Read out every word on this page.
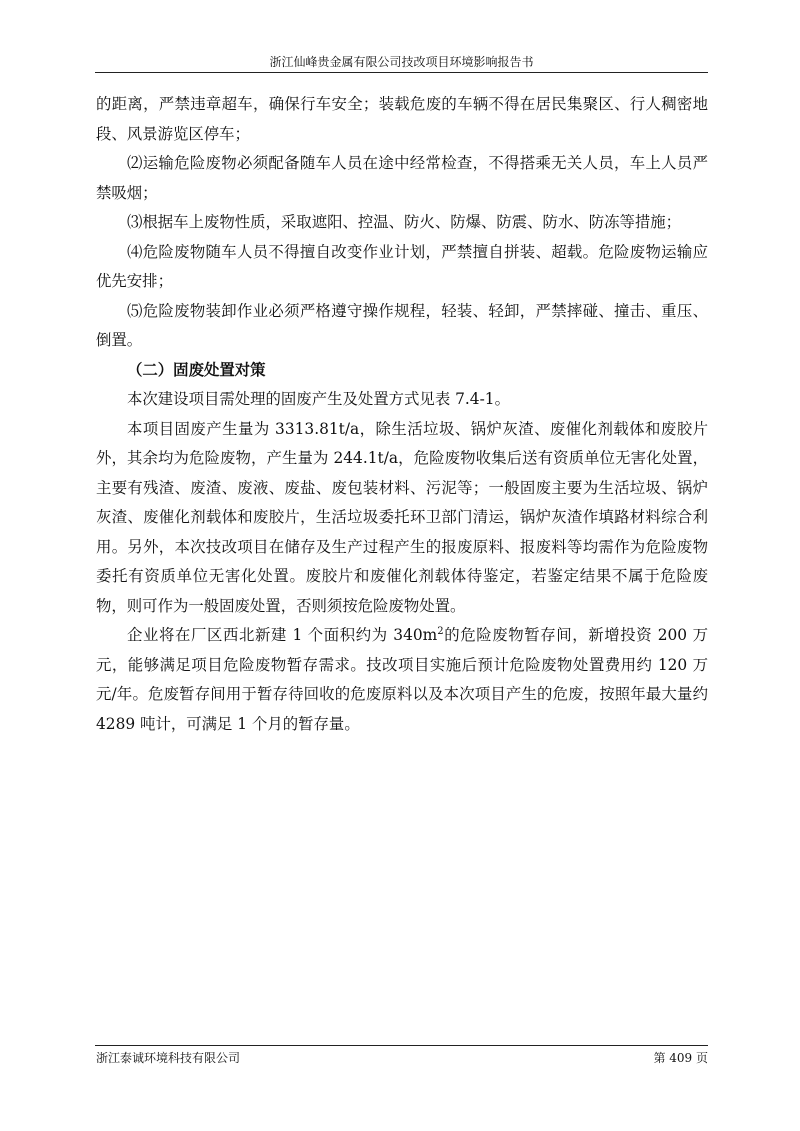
浙江仙峰贵金属有限公司技改项目环境影响报告书

的距离，严禁违章超车，确保行车安全；装载危废的车辆不得在居民集聚区、行人稠密地段、风景游览区停车；

⑵运输危险废物必须配备随车人员在途中经常检查，不得搭乘无关人员，车上人员严禁吸烟；

⑶根据车上废物性质，采取遮阳、控温、防火、防爆、防震、防水、防冻等措施；

⑷危险废物随车人员不得擅自改变作业计划，严禁擅自拼装、超载。危险废物运输应优先安排；

⑸危险废物装卸作业必须严格遵守操作规程，轻装、轻卸，严禁摔碰、撞击、重压、倒置。

（二）固废处置对策

本次建设项目需处理的固废产生及处置方式见表 7.4-1。

本项目固废产生量为 3313.81t/a，除生活垃圾、锅炉灰渣、废催化剂载体和废胶片外，其余均为危险废物，产生量为 244.1t/a，危险废物收集后送有资质单位无害化处置，主要有残渣、废渣、废液、废盐、废包装材料、污泥等；一般固废主要为生活垃圾、锅炉灰渣、废催化剂载体和废胶片，生活垃圾委托环卫部门清运，锅炉灰渣作填路材料综合利用。另外，本次技改项目在储存及生产过程产生的报废原料、报废料等均需作为危险废物委托有资质单位无害化处置。废胶片和废催化剂载体待鉴定，若鉴定结果不属于危险废物，则可作为一般固废处置，否则须按危险废物处置。

企业将在厂区西北新建 1 个面积约为 $340m^2$的危险废物暂存间，新增投资 200 万元，能够满足项目危险废物暂存需求。技改项目实施后预计危险废物处置费用约 120 万元/年。危废暂存间用于暂存待回收的危废原料以及本次项目产生的危废，按照年最大量约 4289 吨计，可满足 1 个月的暂存量。

浙江泰诚环境科技有限公司	第 409 页
